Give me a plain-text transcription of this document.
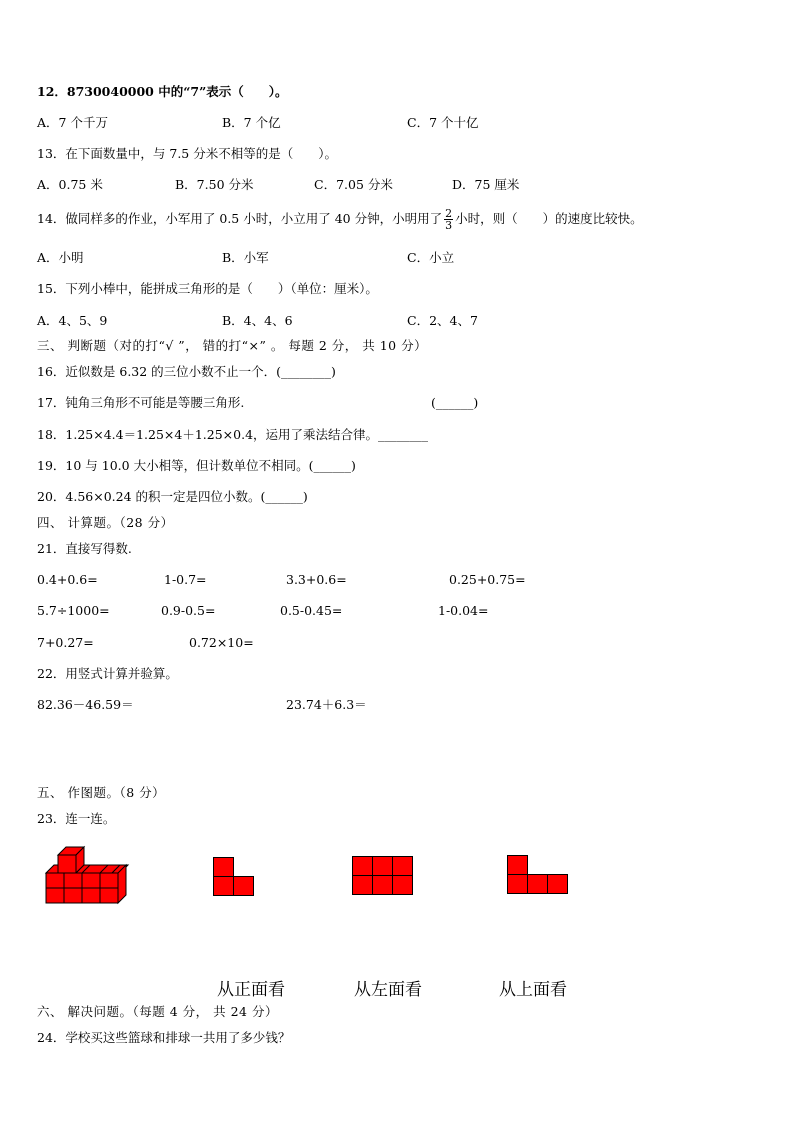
12．8730040000 中的“7”表示（　　）。
A．7 个千万	B．7 个亿	C．7 个十亿
13．在下面数量中，与 7.5 分米不相等的是（　　）。
A．0.75 米	B．7.50 分米	C．7.05 分米	D．75 厘米
14．做同样多的作业，小军用了 0.5 小时，小立用了 40 分钟，小明用了 $\frac{2}{3}$ 小时，则（　　）的速度比较快。
A．小明	B．小军	C．小立
15．下列小棒中，能拼成三角形的是（　　）（单位：厘米）。
A．4、5、9	B．4、4、6	C．2、4、7
三、 判断题（对的打“√ ”， 错的打“×” 。 每题 2 分， 共 10 分）
16．近似数是 6.32 的三位小数不止一个．(________)
17．钝角三角形不可能是等腰三角形.	(______)
18．1.25×4.4＝1.25×4＋1.25×0.4，运用了乘法结合律。________
19．10 与 10.0 大小相等，但计数单位不相同。(______)
20．4.56×0.24 的积一定是四位小数。(______)
四、 计算题。（28 分）
21．直接写得数.
0.4+0.6=	1-0.7=	3.3+0.6=	0.25+0.75=
5.7÷1000=	0.9-0.5=	0.5-0.45=	1-0.04=
7+0.27=	0.72×10=
22．用竖式计算并验算。
82.36－46.59＝	23.74＋6.3＝
五、 作图题。（8 分）
23．连一连。
从正面看	从左面看	从上面看
六、 解决问题。（每题 4 分， 共 24 分）
24．学校买这些篮球和排球一共用了多少钱？
